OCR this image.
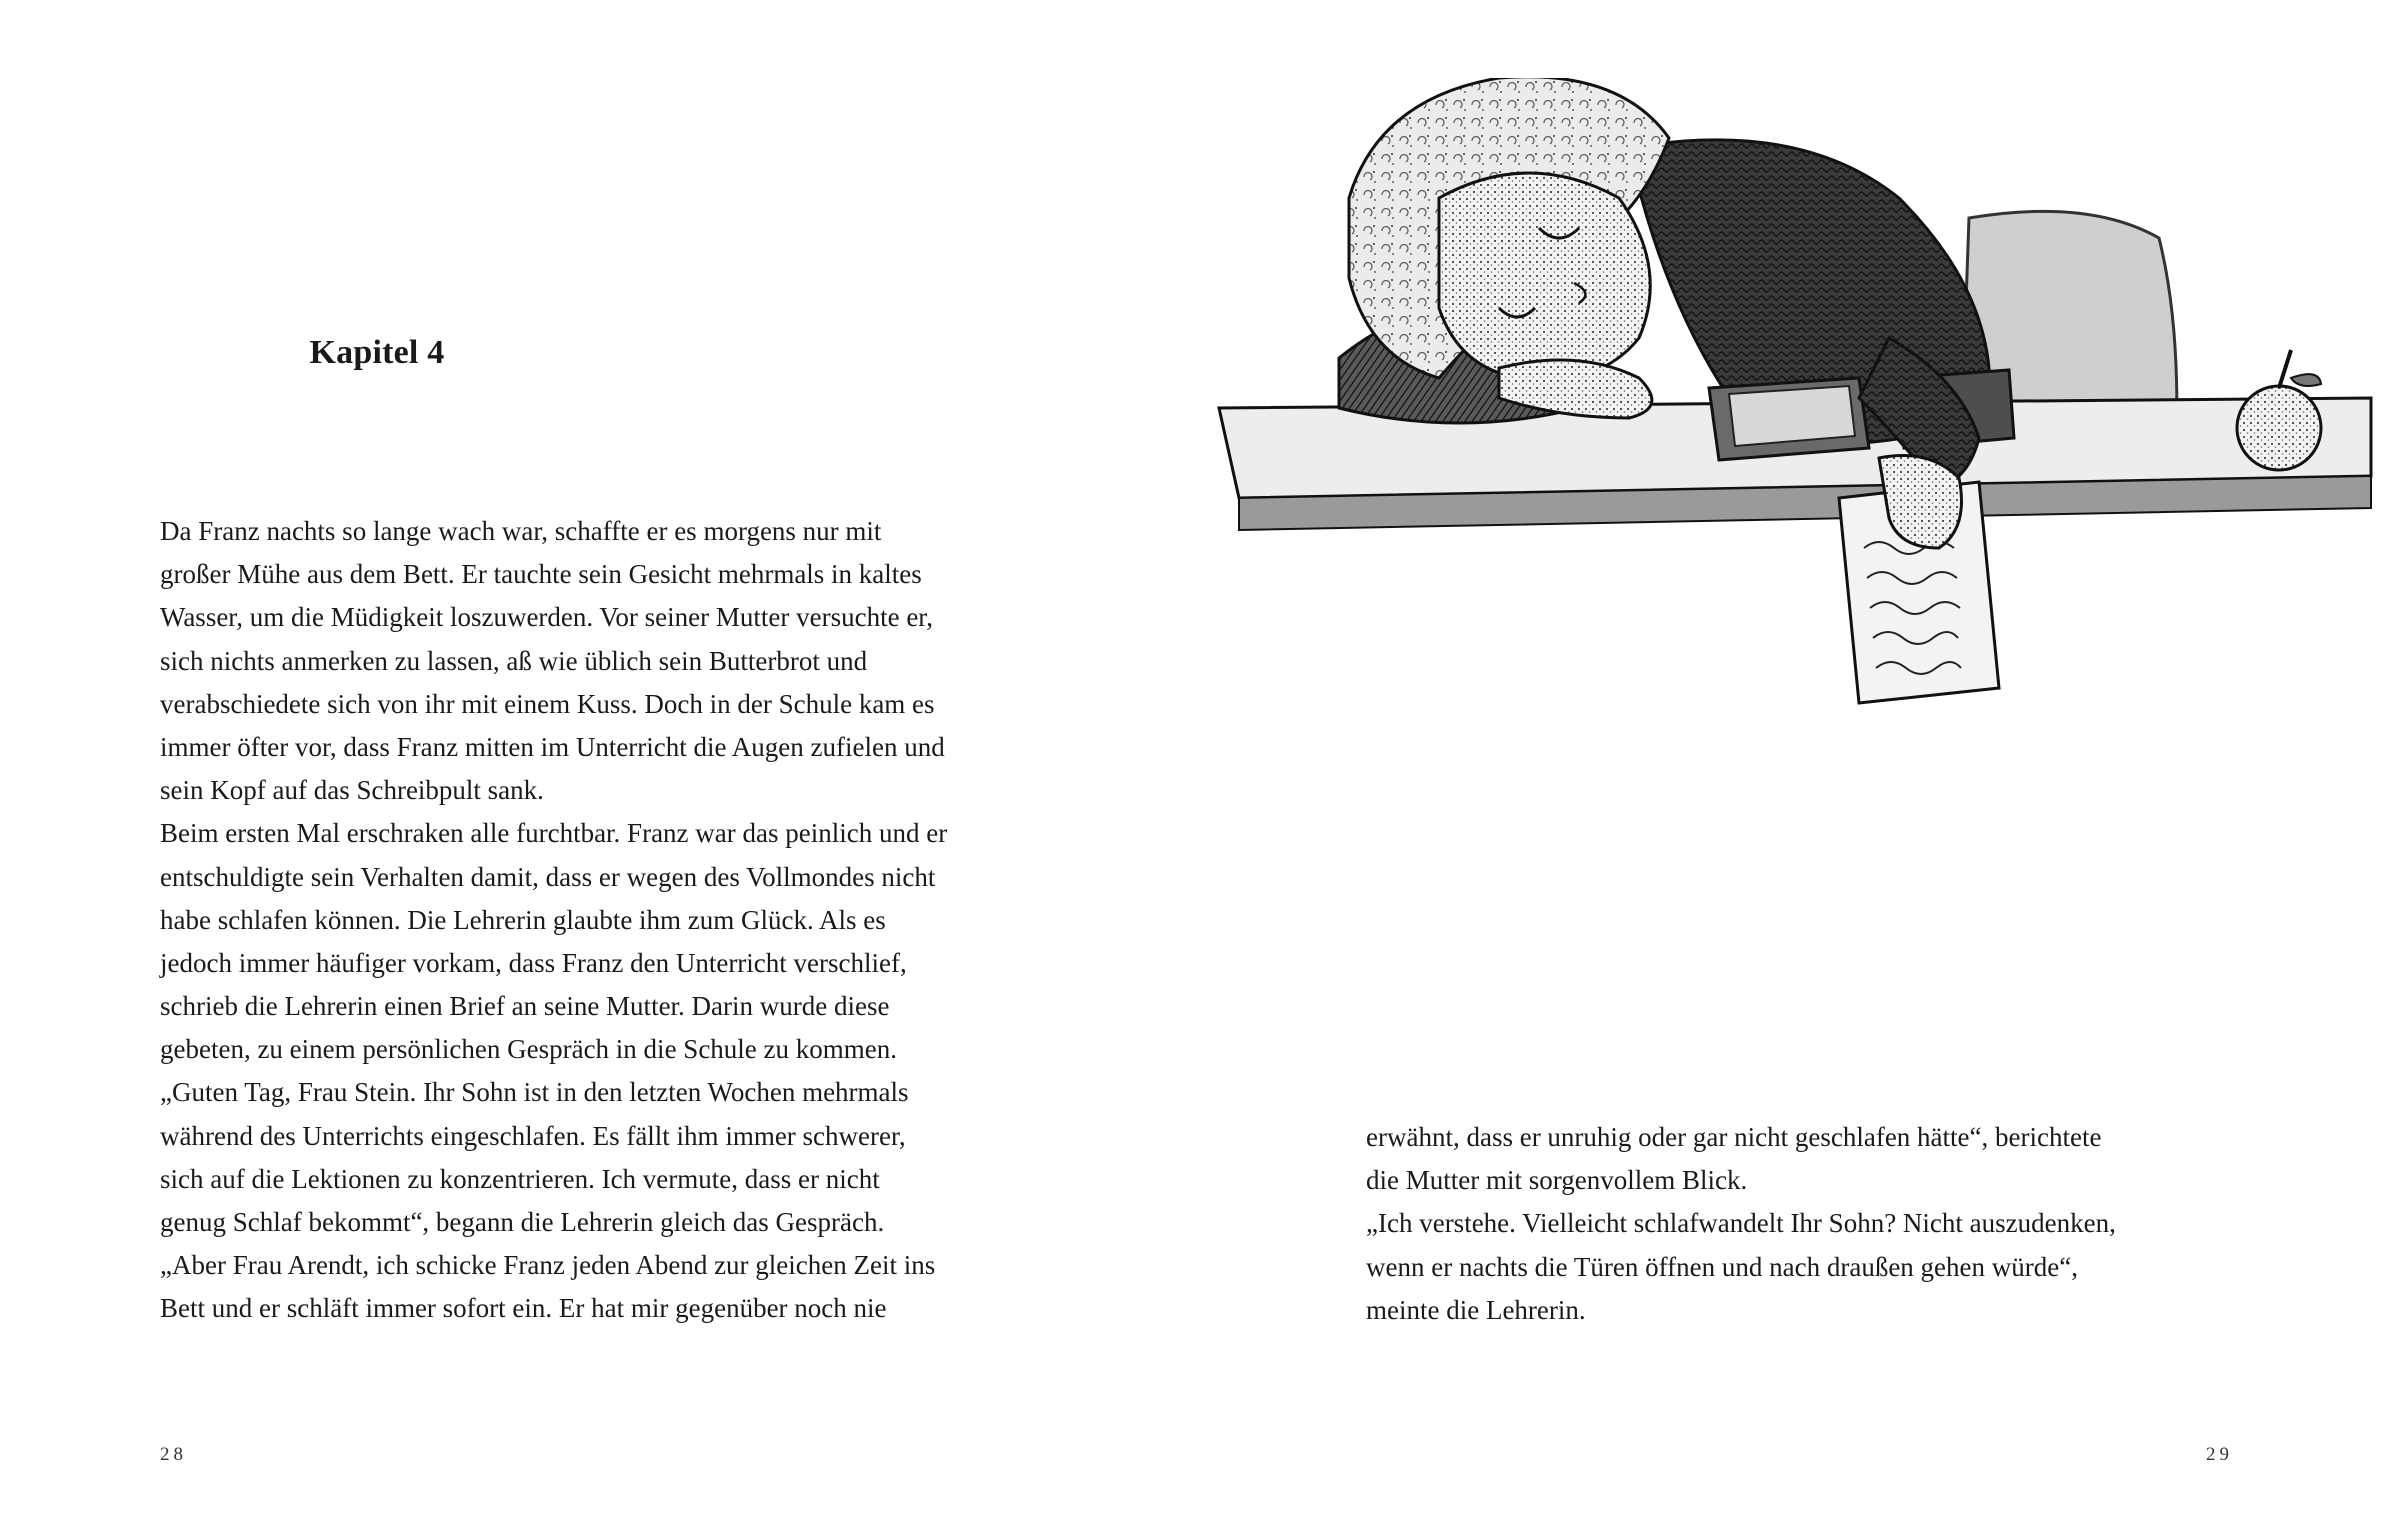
Kapitel 4
Da Franz nachts so lange wach war, schaffte er es morgens nur mit
großer Mühe aus dem Bett. Er tauchte sein Gesicht mehrmals in kaltes
Wasser, um die Müdigkeit loszuwerden. Vor seiner Mutter versuchte er,
sich nichts anmerken zu lassen, aß wie üblich sein Butterbrot und
verabschiedete sich von ihr mit einem Kuss. Doch in der Schule kam es
immer öfter vor, dass Franz mitten im Unterricht die Augen zufielen und
sein Kopf auf das Schreibpult sank.
Beim ersten Mal erschraken alle furchtbar. Franz war das peinlich und er
entschuldigte sein Verhalten damit, dass er wegen des Vollmondes nicht
habe schlafen können. Die Lehrerin glaubte ihm zum Glück. Als es
jedoch immer häufiger vorkam, dass Franz den Unterricht verschlief,
schrieb die Lehrerin einen Brief an seine Mutter. Darin wurde diese
gebeten, zu einem persönlichen Gespräch in die Schule zu kommen.
„Guten Tag, Frau Stein. Ihr Sohn ist in den letzten Wochen mehrmals
während des Unterrichts eingeschlafen. Es fällt ihm immer schwerer,
sich auf die Lektionen zu konzentrieren. Ich vermute, dass er nicht
genug Schlaf bekommt“, begann die Lehrerin gleich das Gespräch.
„Aber Frau Arendt, ich schicke Franz jeden Abend zur gleichen Zeit ins
Bett und er schläft immer sofort ein. Er hat mir gegenüber noch nie
28
erwähnt, dass er unruhig oder gar nicht geschlafen hätte“, berichtete
die Mutter mit sorgenvollem Blick.
„Ich verstehe. Vielleicht schlafwandelt Ihr Sohn? Nicht auszudenken,
wenn er nachts die Türen öffnen und nach draußen gehen würde“,
meinte die Lehrerin.
29
